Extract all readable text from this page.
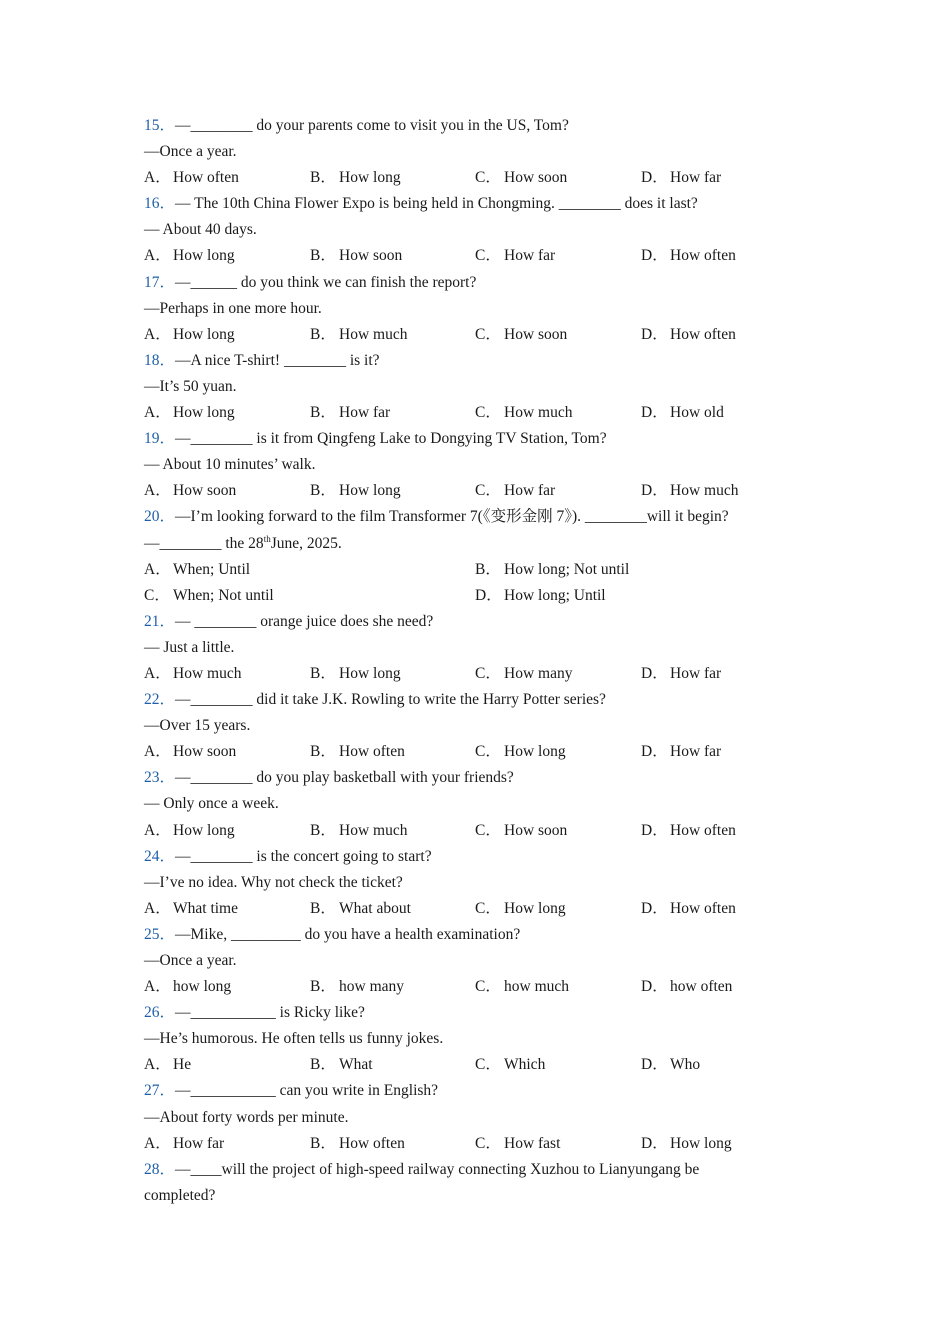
15．—________ do your parents come to visit you in the US, Tom?
—Once a year.
A． How often	B． How long	C． How soon	D． How far
16．— The 10th China Flower Expo is being held in Chongming. ________ does it last?
— About 40 days.
A． How long	B． How soon	C． How far	D． How often
17．—______ do you think we can finish the report?
—Perhaps in one more hour.
A． How long	B． How much	C． How soon	D． How often
18．—A nice T-shirt! ________ is it?
—It’s 50 yuan.
A． How long	B． How far	C． How much	D． How old
19．—________ is it from Qingfeng Lake to Dongying TV Station, Tom?
— About 10 minutes’ walk.
A． How soon	B． How long	C． How far	D． How much
20．—I’m looking forward to the film Transformer 7(《变形金刚 7》). ________will it begin?
—________ the 28thJune, 2025.
A． When; Until	B． How long; Not until
C． When; Not until	D． How long; Until
21．— ________ orange juice does she need?
— Just a little.
A． How much	B． How long	C． How many	D． How far
22．—________ did it take J.K. Rowling to write the Harry Potter series?
—Over 15 years.
A． How soon	B． How often	C． How long	D． How far
23．—________ do you play basketball with your friends?
— Only once a week.
A． How long	B． How much	C． How soon	D． How often
24．—________ is the concert going to start?
—I’ve no idea. Why not check the ticket?
A． What time	B． What about	C． How long	D． How often
25．—Mike, _________ do you have a health examination?
—Once a year.
A． how long	B． how many	C． how much	D． how often
26．—___________ is Ricky like?
—He’s humorous. He often tells us funny jokes.
A． He	B． What	C． Which	D． Who
27．—___________ can you write in English?
—About forty words per minute.
A． How far	B． How often	C． How fast	D． How long
28．—____will the project of high-speed railway connecting Xuzhou to Lianyungang be
completed?
